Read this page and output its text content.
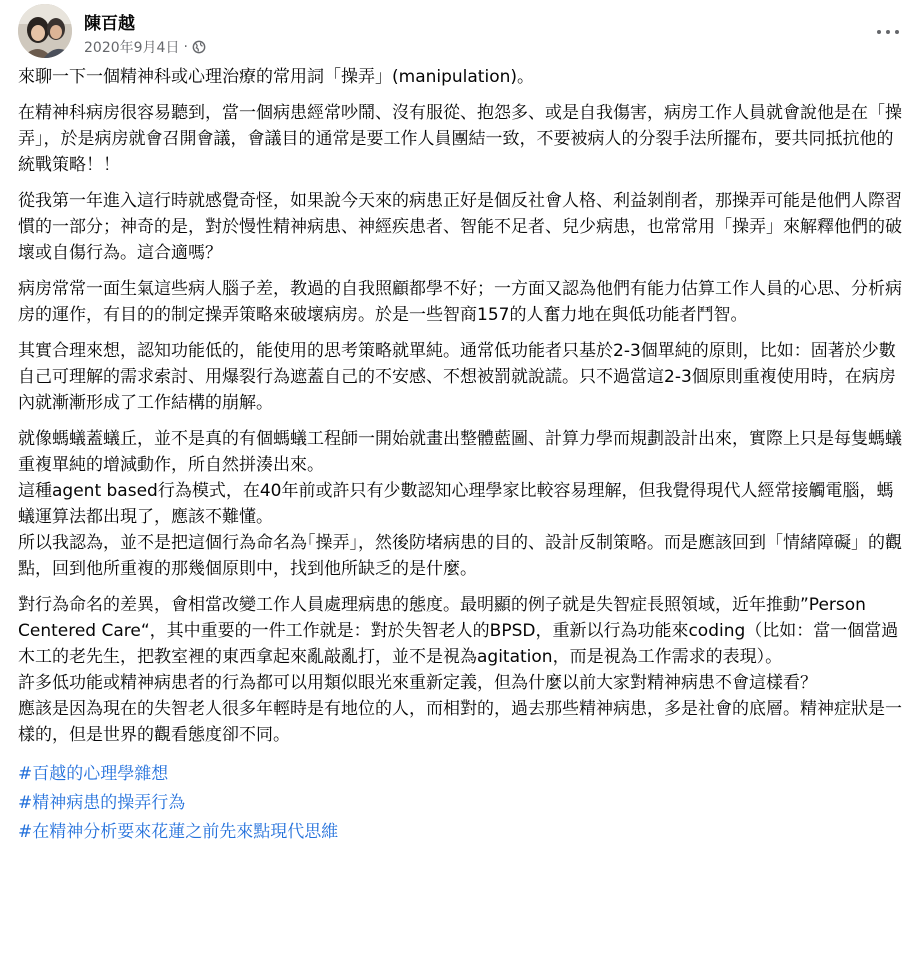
陳百越
2020年9月4日 ·

來聊一下一個精神科或心理治療的常用詞「操弄」(manipulation)。

在精神科病房很容易聽到，當一個病患經常吵鬧、沒有服從、抱怨多、或是自我傷害，病房工作人員就會說他是在「操弄」，於是病房就會召開會議，會議目的通常是要工作人員團結一致，不要被病人的分裂手法所擺布，要共同抵抗他的統戰策略！！

從我第一年進入這行時就感覺奇怪，如果說今天來的病患正好是個反社會人格、利益剝削者，那操弄可能是他們人際習慣的一部分；神奇的是，對於慢性精神病患、神經疾患者、智能不足者、兒少病患，也常常用「操弄」來解釋他們的破壞或自傷行為。這合適嗎？

病房常常一面生氣這些病人腦子差，教過的自我照顧都學不好；一方面又認為他們有能力估算工作人員的心思、分析病房的運作，有目的的制定操弄策略來破壞病房。於是一些智商157的人奮力地在與低功能者鬥智。

其實合理來想，認知功能低的，能使用的思考策略就單純。通常低功能者只基於2-3個單純的原則，比如：固著於少數自己可理解的需求索討、用爆裂行為遮蓋自己的不安感、不想被罰就說謊。只不過當這2-3個原則重複使用時，在病房內就漸漸形成了工作結構的崩解。

就像螞蟻蓋蟻丘，並不是真的有個螞蟻工程師一開始就畫出整體藍圖、計算力學而規劃設計出來，實際上只是每隻螞蟻重複單純的增減動作，所自然拼湊出來。
這種agent based行為模式，在40年前或許只有少數認知心理學家比較容易理解，但我覺得現代人經常接觸電腦，螞蟻運算法都出現了，應該不難懂。
所以我認為，並不是把這個行為命名為｢操弄｣，然後防堵病患的目的、設計反制策略。而是應該回到「情緒障礙」的觀點，回到他所重複的那幾個原則中，找到他所缺乏的是什麼。

對行為命名的差異，會相當改變工作人員處理病患的態度。最明顯的例子就是失智症長照領域，近年推動”Person Centered Care“，其中重要的一件工作就是：對於失智老人的BPSD，重新以行為功能來coding（比如：當一個當過木工的老先生，把教室裡的東西拿起來亂敲亂打，並不是視為agitation，而是視為工作需求的表現）。
許多低功能或精神病患者的行為都可以用類似眼光來重新定義，但為什麼以前大家對精神病患不會這樣看？
應該是因為現在的失智老人很多年輕時是有地位的人，而相對的，過去那些精神病患，多是社會的底層。精神症狀是一樣的，但是世界的觀看態度卻不同。

#百越的心理學雜想
#精神病患的操弄行為
#在精神分析要來花蓮之前先來點現代思維
